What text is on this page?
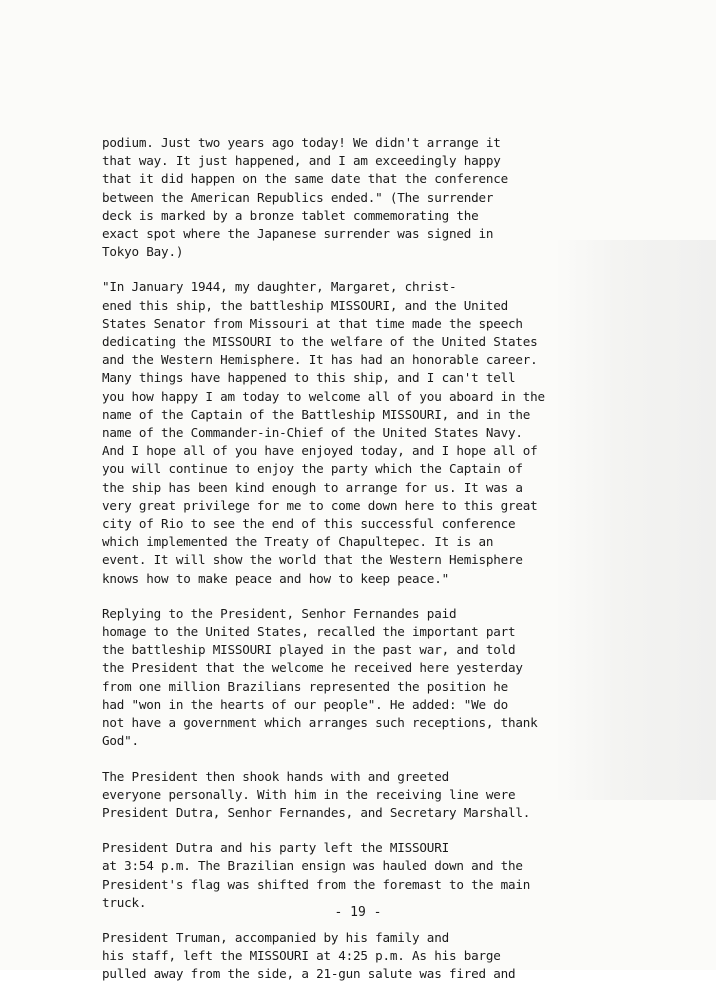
podium. Just two years ago today! We didn't arrange it
that way. It just happened, and I am exceedingly happy
that it did happen on the same date that the conference
between the American Republics ended." (The surrender
deck is marked by a bronze tablet commemorating the
exact spot where the Japanese surrender was signed in
Tokyo Bay.)

"In January 1944, my daughter, Margaret, christ-
ened this ship, the battleship MISSOURI, and the United
States Senator from Missouri at that time made the speech
dedicating the MISSOURI to the welfare of the United States
and the Western Hemisphere. It has had an honorable career.
Many things have happened to this ship, and I can't tell
you how happy I am today to welcome all of you aboard in the
name of the Captain of the Battleship MISSOURI, and in the
name of the Commander-in-Chief of the United States Navy.
And I hope all of you have enjoyed today, and I hope all of
you will continue to enjoy the party which the Captain of
the ship has been kind enough to arrange for us. It was a
very great privilege for me to come down here to this great
city of Rio to see the end of this successful conference
which implemented the Treaty of Chapultepec. It is an
event. It will show the world that the Western Hemisphere
knows how to make peace and how to keep peace."

Replying to the President, Senhor Fernandes paid
homage to the United States, recalled the important part
the battleship MISSOURI played in the past war, and told
the President that the welcome he received here yesterday
from one million Brazilians represented the position he
had "won in the hearts of our people". He added: "We do
not have a government which arranges such receptions, thank
God".

The President then shook hands with and greeted
everyone personally. With him in the receiving line were
President Dutra, Senhor Fernandes, and Secretary Marshall.

President Dutra and his party left the MISSOURI
at 3:54 p.m. The Brazilian ensign was hauled down and the
President's flag was shifted from the foremast to the main
truck.

President Truman, accompanied by his family and
his staff, left the MISSOURI at 4:25 p.m. As his barge
pulled away from the side, a 21-gun salute was fired and

- 19 -
